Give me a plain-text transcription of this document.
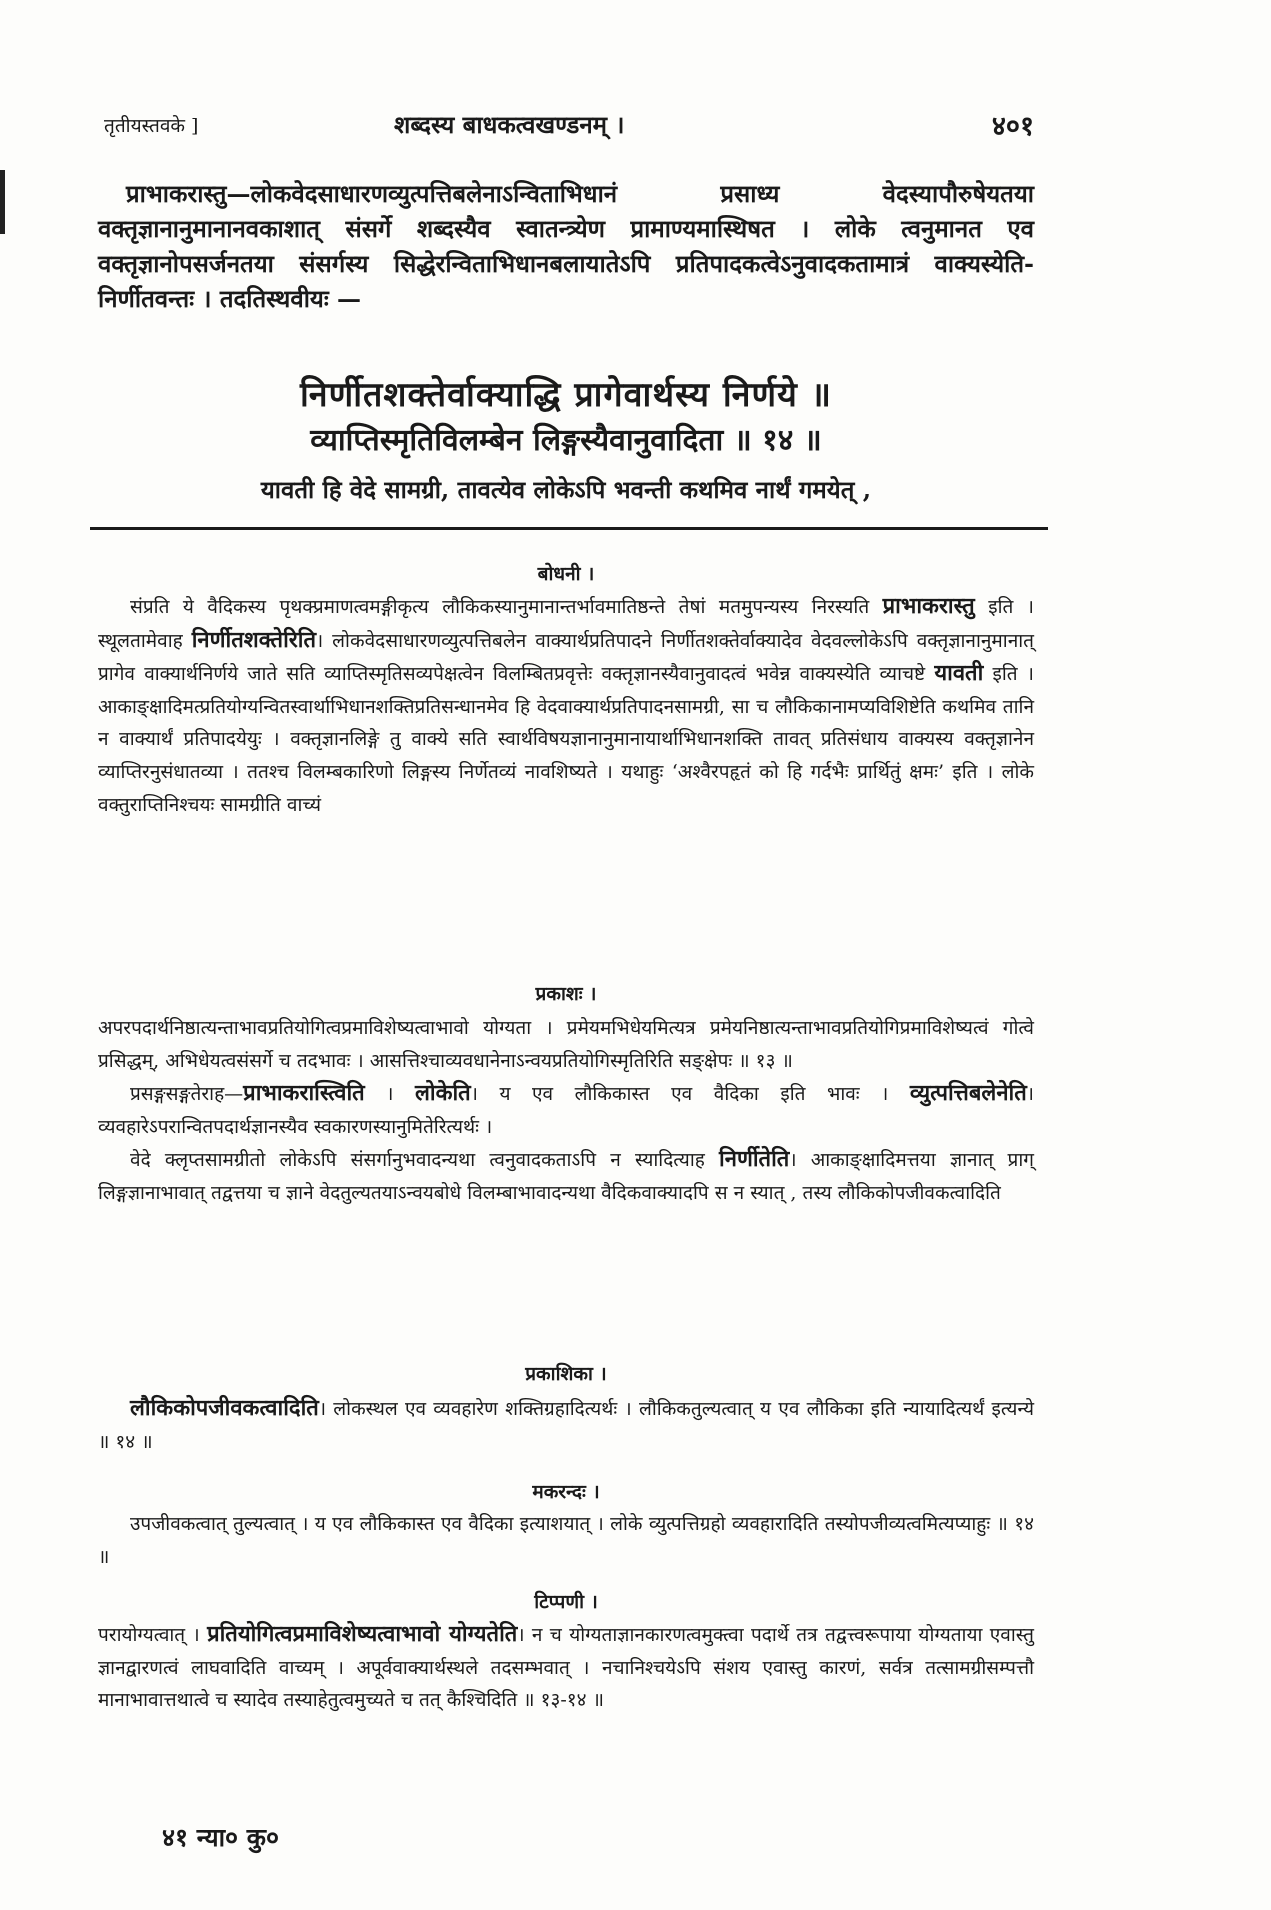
तृतीयस्तवके ]	शब्दस्य बाधकत्वखण्डनम् ।	४०१

प्राभाकरास्तु—लोकवेदसाधारणव्युत्पत्तिबलेनाऽन्विताभिधानं प्रसाध्य वेदस्यापौरुषेयतया वक्तृज्ञानानुमानानवकाशात् संसर्गे शब्दस्यैव स्वातन्त्र्येण प्रामाण्यमास्थिषत । लोके त्वनुमानत एव वक्तृज्ञानोपसर्जनतया संसर्गस्य सिद्धेरन्विताभिधानबलायातेऽपि प्रतिपादकत्वेऽनुवादकतामात्रं वाक्यस्येति-निर्णीतवन्तः । तदतिस्थवीयः —

निर्णीतशक्तेर्वाक्याद्धि प्रागेवार्थस्य निर्णये ॥
व्याप्तिस्मृतिविलम्बेन लिङ्गस्यैवानुवादिता ॥ १४ ॥
यावती हि वेदे सामग्री, तावत्येव लोकेऽपि भवन्ती कथमिव नार्थं गमयेत् ,
बोधनी ।

संप्रति ये वैदिकस्य पृथक्प्रमाणत्वमङ्गीकृत्य लौकिकस्यानुमानान्तर्भावमातिष्ठन्ते तेषां मतमुपन्यस्य निरस्यति प्राभाकरास्तु इति । स्थूलतामेवाह निर्णीतशक्तेरिति। लोकवेदसाधारणव्युत्पत्तिबलेन वाक्यार्थप्रतिपादने निर्णीतशक्तेर्वाक्यादेव वेदवल्लोकेऽपि वक्तृज्ञानानुमानात् प्रागेव वाक्यार्थनिर्णये जाते सति व्याप्तिस्मृतिसव्यपेक्षत्वेन विलम्बितप्रवृत्तेः वक्तृज्ञानस्यैवानुवादत्वं भवेन्न वाक्यस्येति व्याचष्टे यावती इति । आकाङ्क्षादिमत्प्रतियोग्यन्वितस्वार्थाभिधानशक्तिप्रतिसन्धानमेव हि वेदवाक्यार्थप्रतिपादनसामग्री, सा च लौकिकानामप्यविशिष्टेति कथमिव तानि न वाक्यार्थं प्रतिपादयेयुः । वक्तृज्ञानलिङ्गे तु वाक्ये सति स्वार्थविषयज्ञानानुमानायार्थाभिधानशक्ति तावत् प्रतिसंधाय वाक्यस्य वक्तृज्ञानेन व्याप्तिरनुसंधातव्या । ततश्च विलम्बकारिणो लिङ्गस्य निर्णेतव्यं नावशिष्यते । यथाहुः ‘अश्वैरपहृतं को हि गर्दभैः प्रार्थितुं क्षमः’ इति । लोके वक्तुराप्तिनिश्चयः सामग्रीति वाच्यं

प्रकाशः ।

अपरपदार्थनिष्ठात्यन्ताभावप्रतियोगित्वप्रमाविशेष्यत्वाभावो योग्यता । प्रमेयमभिधेयमित्यत्र प्रमेयनिष्ठात्यन्ताभावप्रतियोगिप्रमाविशेष्यत्वं गोत्वे प्रसिद्धम्, अभिधेयत्वसंसर्गे च तदभावः । आसत्तिश्चाव्यवधानेनाऽन्वयप्रतियोगिस्मृतिरिति सङ्क्षेपः ॥ १३ ॥

प्रसङ्गसङ्गतेराह—प्राभाकरास्त्विति । लोकेति। य एव लौकिकास्त एव वैदिका इति भावः । व्युत्पत्तिबलेनेति। व्यवहारेऽपरान्वितपदार्थज्ञानस्यैव स्वकारणस्यानुमितेरित्यर्थः ।

वेदे क्लृप्तसामग्रीतो लोकेऽपि संसर्गानुभवादन्यथा त्वनुवादकताऽपि न स्यादित्याह निर्णीतेति। आकाङ्क्षादिमत्तया ज्ञानात् प्राग् लिङ्गज्ञानाभावात् तद्वत्तया च ज्ञाने वेदतुल्यतयाऽन्वयबोधे विलम्बाभावादन्यथा वैदिकवाक्यादपि स न स्यात् , तस्य लौकिकोपजीवकत्वादिति

प्रकाशिका ।

लौकिकोपजीवकत्वादिति। लोकस्थल एव व्यवहारेण शक्तिग्रहादित्यर्थः । लौकिकतुल्यत्वात् य एव लौकिका इति न्यायादित्यर्थं इत्यन्ये ॥ १४ ॥

मकरन्दः ।

उपजीवकत्वात् तुल्यत्वात् । य एव लौकिकास्त एव वैदिका इत्याशयात् । लोके व्युत्पत्तिग्रहो व्यवहारादिति तस्योपजीव्यत्वमित्यप्याहुः ॥ १४ ॥

टिप्पणी ।

परायोग्यत्वात् । प्रतियोगित्वप्रमाविशेष्यत्वाभावो योग्यतेति। न च योग्यताज्ञानकारणत्वमुक्त्वा पदार्थे तत्र तद्वत्त्वरूपाया योग्यताया एवास्तु ज्ञानद्वारणत्वं लाघवादिति वाच्यम् । अपूर्ववाक्यार्थस्थले तदसम्भवात् । नचानिश्चयेऽपि संशय एवास्तु कारणं, सर्वत्र तत्सामग्रीसम्पत्तौ मानाभावात्तथात्वे च स्यादेव तस्याहेतुत्वमुच्यते च तत् कैश्चिदिति ॥ १३-१४ ॥

४१ न्या० कु०
